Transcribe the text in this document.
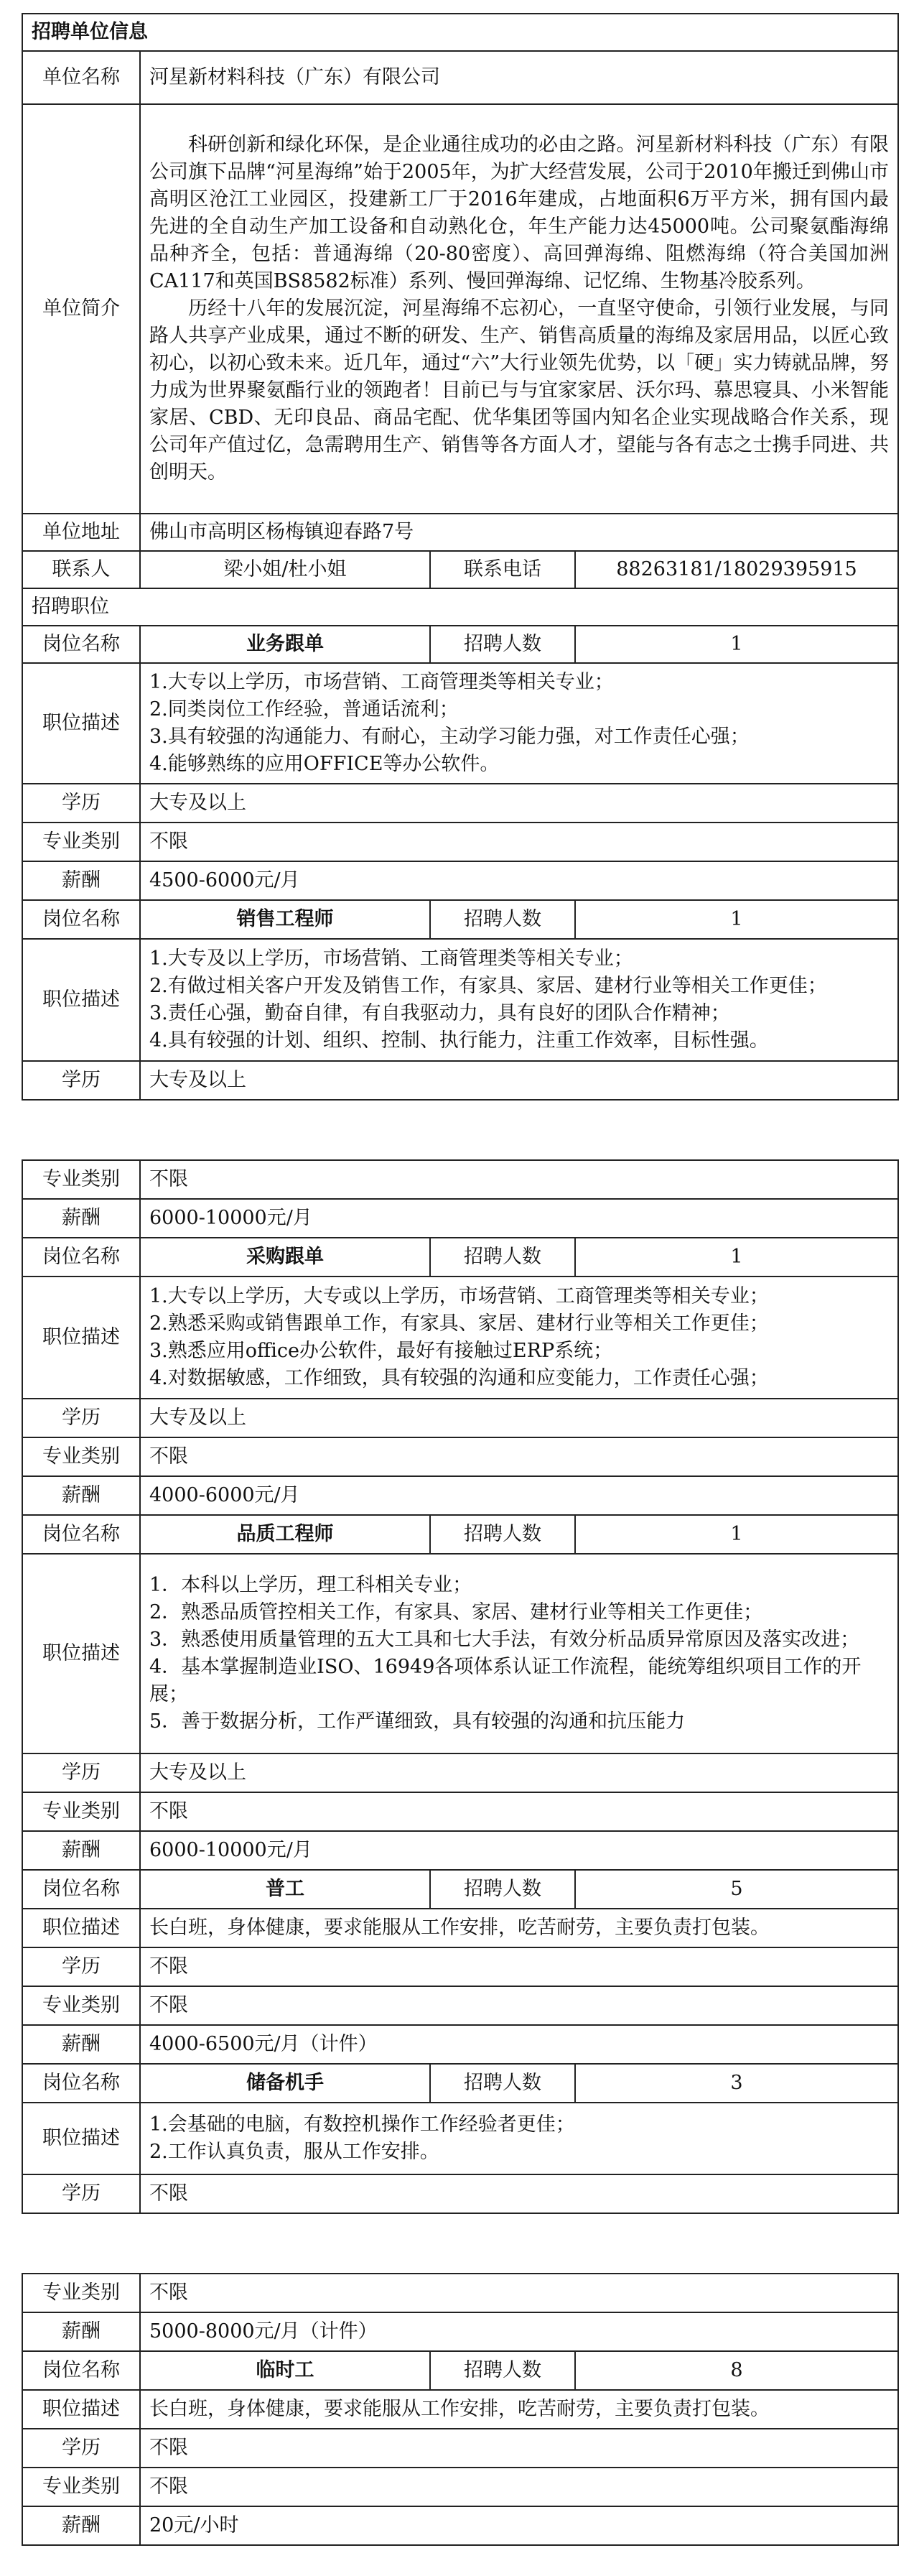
招聘单位信息			
单位名称	河星新材料科技（广东）有限公司		
单位简介	科研创新和绿化环保，是企业通往成功的必由之路。河星新材料科技（广东）有限公司旗下品牌“河星海绵”始于2005年，为扩大经营发展，公司于2010年搬迁到佛山市高明区沧江工业园区，投建新工厂于2016年建成，占地面积6万平方米，拥有国内最先进的全自动生产加工设备和自动熟化仓，年生产能力达45000吨。公司聚氨酯海绵品种齐全，包括：普通海绵（20-80密度）、高回弹海绵、阻燃海绵（符合美国加洲CA117和英国BS8582标准）系列、慢回弹海绵、记忆绵、生物基冷胶系列。

历经十八年的发展沉淀，河星海绵不忘初心，一直坚守使命，引领行业发展，与同路人共享产业成果，通过不断的研发、生产、销售高质量的海绵及家居用品，以匠心致初心，以初心致未来。近几年，通过“六”大行业领先优势，以「硬」实力铸就品牌，努力成为世界聚氨酯行业的领跑者！目前已与与宜家家居、沃尔玛、慕思寝具、小米智能家居、CBD、无印良品、商品宅配、优华集团等国内知名企业实现战略合作关系，现公司年产值过亿，急需聘用生产、销售等各方面人才，望能与各有志之士携手同进、共创明天。		

单位地址	佛山市高明区杨梅镇迎春路7号		
联系人	梁小姐/杜小姐	联系电话	88263181/18029395915
招聘职位			
岗位名称	业务跟单	招聘人数	1
职位描述	1.大专以上学历，市场营销、工商管理类等相关专业；
2.同类岗位工作经验，普通话流利；
3.具有较强的沟通能力、有耐心，主动学习能力强，对工作责任心强；
4.能够熟练的应用OFFICE等办公软件。		

学历	大专及以上		
专业类别	不限		
薪酬	4500-6000元/月		
岗位名称	销售工程师	招聘人数	1
职位描述	1.大专及以上学历，市场营销、工商管理类等相关专业；
2.有做过相关客户开发及销售工作，有家具、家居、建材行业等相关工作更佳；
3.责任心强，勤奋自律，有自我驱动力，具有良好的团队合作精神；
4.具有较强的计划、组织、控制、执行能力，注重工作效率，目标性强。		

学历	大专及以上		
专业类别	不限		
薪酬	6000-10000元/月		
岗位名称	采购跟单	招聘人数	1
职位描述	1.大专以上学历，大专或以上学历，市场营销、工商管理类等相关专业；
2.熟悉采购或销售跟单工作，有家具、家居、建材行业等相关工作更佳；
3.熟悉应用office办公软件，最好有接触过ERP系统；
4.对数据敏感，工作细致，具有较强的沟通和应变能力，工作责任心强；		

学历	大专及以上		
专业类别	不限		
薪酬	4000-6000元/月		
岗位名称	品质工程师	招聘人数	1
职位描述	1．本科以上学历，理工科相关专业；
2．熟悉品质管控相关工作，有家具、家居、建材行业等相关工作更佳；
3．熟悉使用质量管理的五大工具和七大手法，有效分析品质异常原因及落实改进；
4．基本掌握制造业ISO、16949各项体系认证工作流程，能统筹组织项目工作的开展；
5．善于数据分析，工作严谨细致，具有较强的沟通和抗压能力		

学历	大专及以上		
专业类别	不限		
薪酬	6000-10000元/月		
岗位名称	普工	招聘人数	5
职位描述	长白班，身体健康，要求能服从工作安排，吃苦耐劳，主要负责打包装。		
学历	不限		
专业类别	不限		
薪酬	4000-6500元/月（计件）		
岗位名称	储备机手	招聘人数	3
职位描述	1.会基础的电脑，有数控机操作工作经验者更佳；
2.工作认真负责，服从工作安排。		

学历	不限		
专业类别	不限		
薪酬	5000-8000元/月（计件）		
岗位名称	临时工	招聘人数	8
职位描述	长白班，身体健康，要求能服从工作安排，吃苦耐劳，主要负责打包装。		
学历	不限		
专业类别	不限		
薪酬	20元/小时		
